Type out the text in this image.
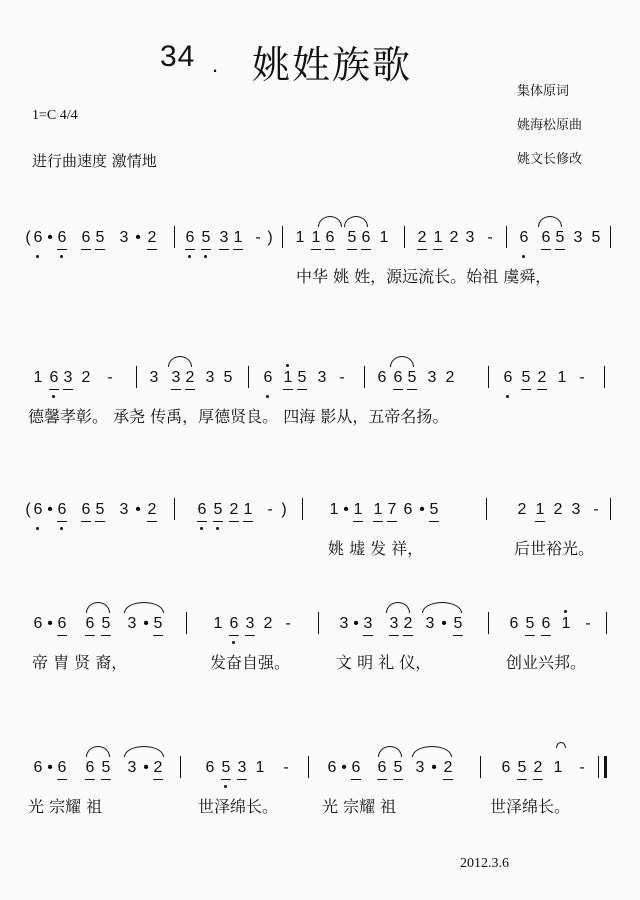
34 . 姚姓族歌
1=C 4/4
进行曲速度 激情地
集体原词
姚海松原曲
姚文长修改
( 6 • 6 6 5 3 • 2 6 5 3 1 - ) 1 1 6 5 6 1 2 1 2 3 - 6 6 5 3 5
中华 姚 姓，源远流长。始祖 虞舜，
1 6 3 2 - 3 3 2 3 5 6 1 5 3 - 6 6 5 3 2	6 5 2 1 -
德馨孝彰。 承尧 传禹，厚德贤良。 四海 影从，五帝名扬。
( 6 • 6 6 5 3 • 2	6 5 2 1 - )	1 • 1 1 7 6 • 5	2 1 2 3 -
姚 墟 发 祥，	后世裕光。
6 • 6 6 5 3 • 5	1 6 3 2 -	3 • 3 3 2 3 • 5	6 5 6 1 -
帝 胄 贤 裔，	发奋自强。	文 明 礼 仪，	创业兴邦。
6 • 6 6 5 3 • 2	6 5 3 1 - 6 • 6 6 5 3 • 2	6 5 2 1 -
光 宗耀 祖	世泽绵长。	光 宗耀 祖	世泽绵长。
2012.3.6
